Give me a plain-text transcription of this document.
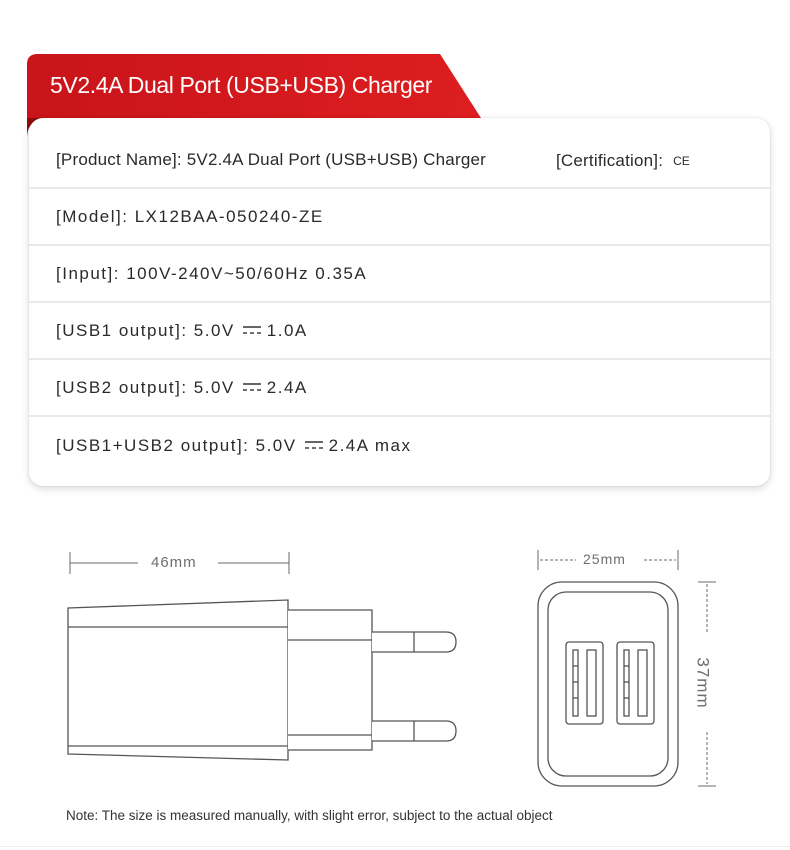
5V2.4A Dual Port (USB+USB) Charger
[Product Name]: 5V2.4A Dual Port (USB+USB) Charger	[Certification]: CE
[Model]: LX12BAA-050240-ZE
[Input]: 100V-240V~50/60Hz 0.35A
[USB1 output]: 5.0V 1.0A
[USB2 output]: 5.0V 2.4A
[USB1+USB2 output]: 5.0V 2.4A max
46mm	25mm
37mm
Note: The size is measured manually, with slight error, subject to the actual object
